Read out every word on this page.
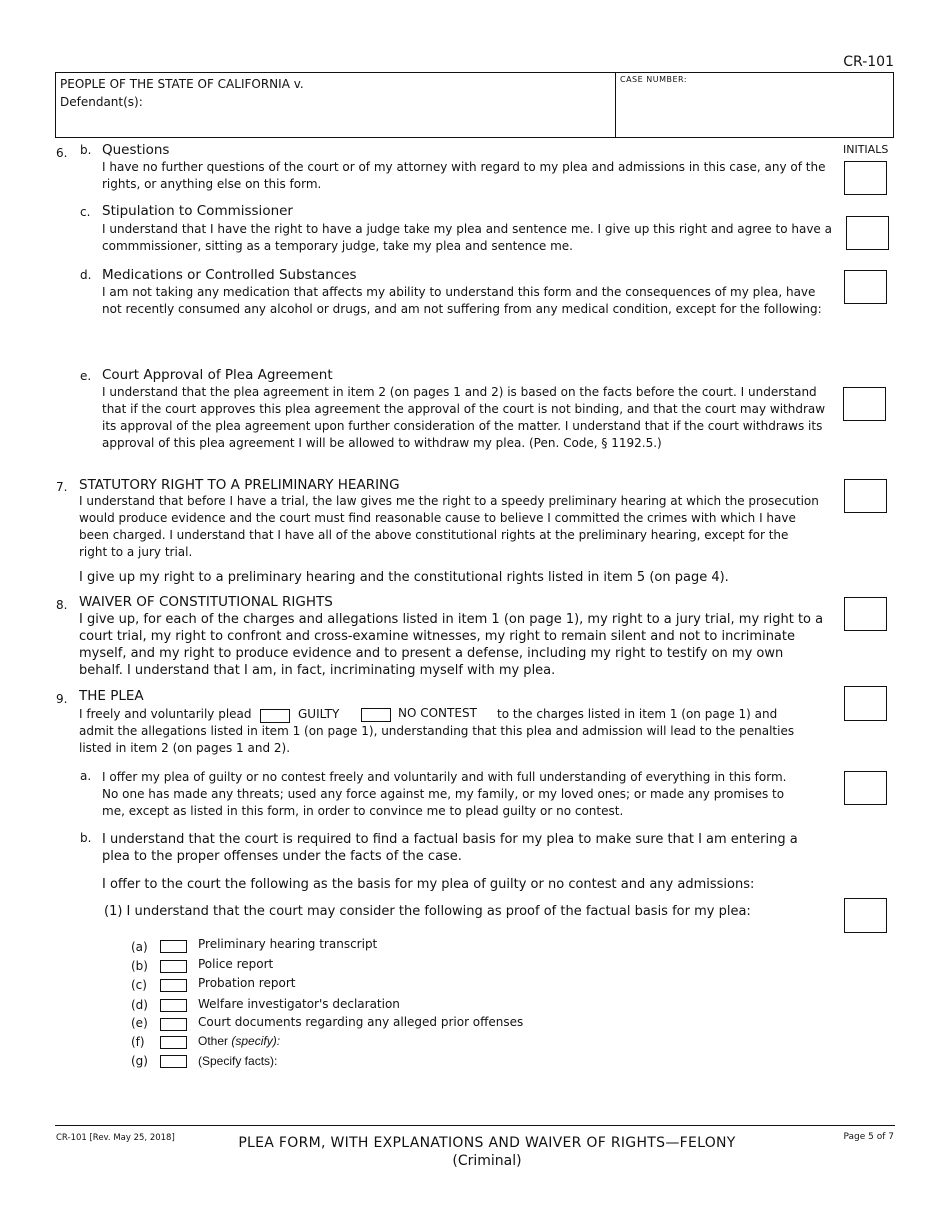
CR-101
PEOPLE OF THE STATE OF CALIFORNIA v.
Defendant(s):
CASE NUMBER:
INITIALS
6. b. Questions
I have no further questions of the court or of my attorney with regard to my plea and admissions in this case, any of the rights, or anything else on this form.
c. Stipulation to Commissioner
I understand that I have the right to have a judge take my plea and sentence me. I give up this right and agree to have a commmissioner, sitting as a temporary judge, take my plea and sentence me.
d. Medications or Controlled Substances
I am not taking any medication that affects my ability to understand this form and the consequences of my plea, have not recently consumed any alcohol or drugs, and am not suffering from any medical condition, except for the following:
e. Court Approval of Plea Agreement
I understand that the plea agreement in item 2 (on pages 1 and 2) is based on the facts before the court. I understand that if the court approves this plea agreement the approval of the court is not binding, and that the court may withdraw its approval of the plea agreement upon further consideration of the matter. I understand that if the court withdraws its approval of this plea agreement I will be allowed to withdraw my plea. (Pen. Code, § 1192.5.)
7. STATUTORY RIGHT TO A PRELIMINARY HEARING
I understand that before I have a trial, the law gives me the right to a speedy preliminary hearing at which the prosecution would produce evidence and the court must find reasonable cause to believe I committed the crimes with which I have been charged. I understand that I have all of the above constitutional rights at the preliminary hearing, except for the right to a jury trial.
I give up my right to a preliminary hearing and the constitutional rights listed in item 5 (on page 4).
8. WAIVER OF CONSTITUTIONAL RIGHTS
I give up, for each of the charges and allegations listed in item 1 (on page 1), my right to a jury trial, my right to a court trial, my right to confront and cross-examine witnesses, my right to remain silent and not to incriminate myself, and my right to produce evidence and to present a defense, including my right to testify on my own behalf. I understand that I am, in fact, incriminating myself with my plea.
9. THE PLEA
I freely and voluntarily plead	GUILTY	NO CONTEST to the charges listed in item 1 (on page 1) and
admit the allegations listed in item 1 (on page 1), understanding that this plea and admission will lead to the penalties listed in item 2 (on pages 1 and 2).
a. I offer my plea of guilty or no contest freely and voluntarily and with full understanding of everything in this form. No one has made any threats; used any force against me, my family, or my loved ones; or made any promises to me, except as listed in this form, in order to convince me to plead guilty or no contest.
b. I understand that the court is required to find a factual basis for my plea to make sure that I am entering a plea to the proper offenses under the facts of the case.
I offer to the court the following as the basis for my plea of guilty or no contest and any admissions:
(1) I understand that the court may consider the following as proof of the factual basis for my plea:
(a)	Preliminary hearing transcript
(b)	Police report
(c)	Probation report
(d)	Welfare investigator's declaration
(e)	Court documents regarding any alleged prior offenses
(f)	Other (specify):
(g)	(Specify facts):
CR-101 [Rev. May 25, 2018]	PLEA FORM, WITH EXPLANATIONS AND WAIVER OF RIGHTS—FELONY
(Criminal)
Page 5 of 7
